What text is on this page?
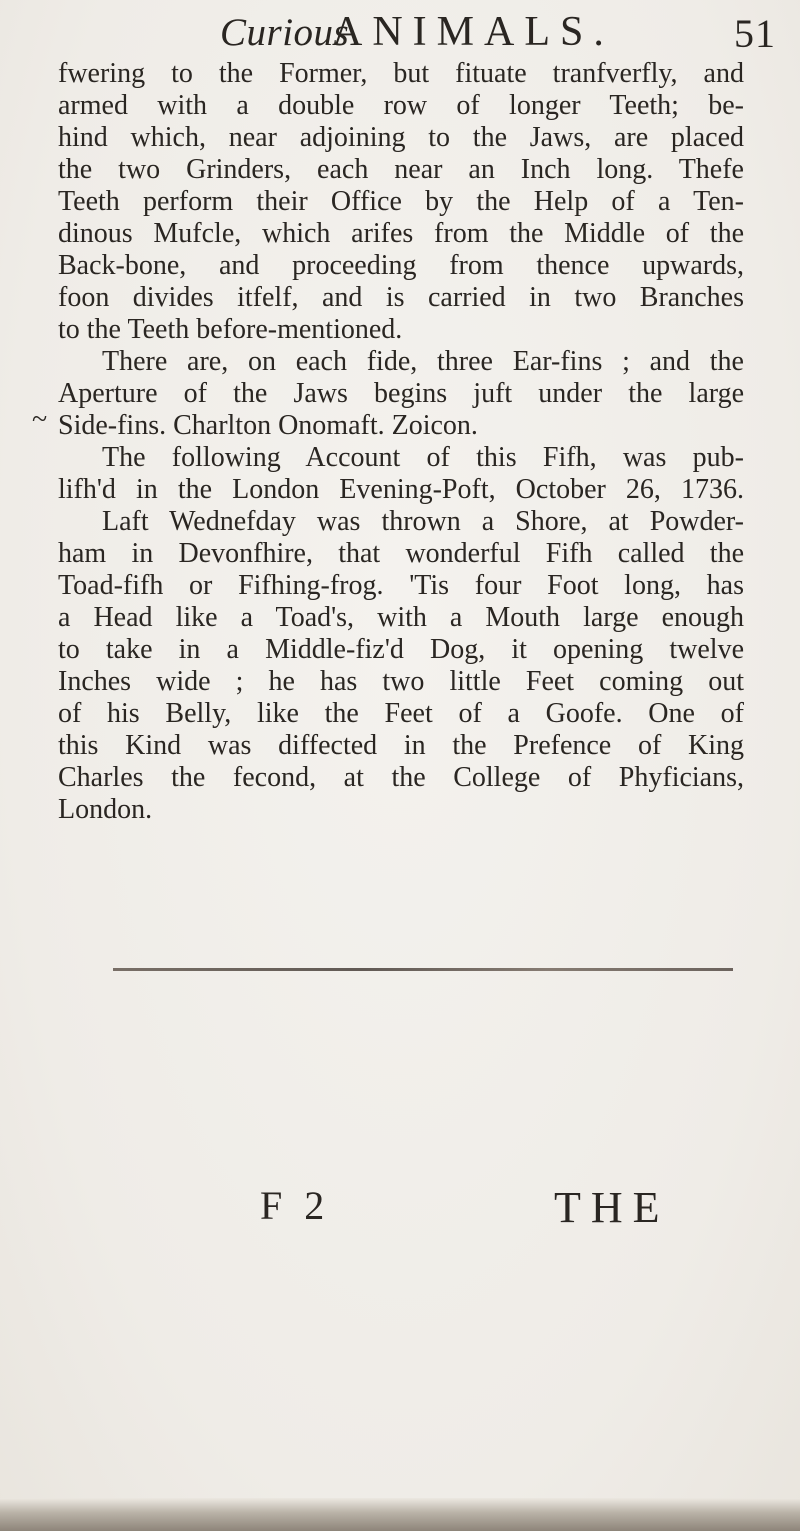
Curious
ANIMALS.	51
~
fwering to the Former, but fituate tranfverfly, and
armed with a double row of longer Teeth; be-
hind which, near adjoining to the Jaws, are placed
the two Grinders, each near an Inch long. Thefe
Teeth perform their Office by the Help of a Ten-
dinous Mufcle, which arifes from the Middle of the
Back-bone, and proceeding from thence upwards,
foon divides itfelf, and is carried in two Branches
to the Teeth before-mentioned.
There are, on each fide, three Ear-fins ; and the
Aperture of the Jaws begins juft under the large
Side-fins. Charlton Onomaft. Zoicon.
The following Account of this Fifh, was pub-
lifh'd in the London Evening-Poft, October 26, 1736.
Laft Wednefday was thrown a Shore, at Powder-
ham in Devonfhire, that wonderful Fifh called the
Toad-fifh or Fifhing-frog. 'Tis four Foot long, has
a Head like a Toad's, with a Mouth large enough
to take in a Middle-fiz'd Dog, it opening twelve
Inches wide ; he has two little Feet coming out
of his Belly, like the Feet of a Goofe. One of
this Kind was diffected in the Prefence of King
Charles the fecond, at the College of Phyficians,
London.
F 2	THE
